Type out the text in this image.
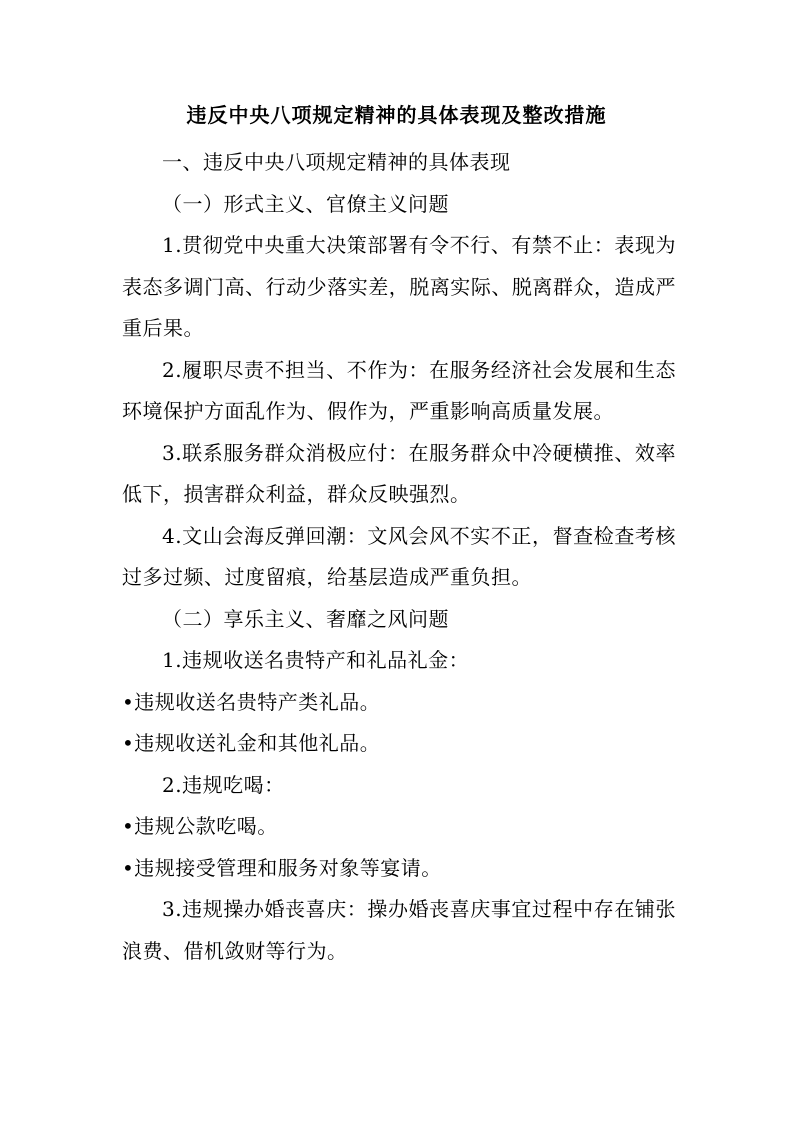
违反中央八项规定精神的具体表现及整改措施

一、违反中央八项规定精神的具体表现

（一）形式主义、官僚主义问题

1.贯彻党中央重大决策部署有令不行、有禁不止：表现为表态多调门高、行动少落实差，脱离实际、脱离群众，造成严重后果。

2.履职尽责不担当、不作为：在服务经济社会发展和生态环境保护方面乱作为、假作为，严重影响高质量发展。

3.联系服务群众消极应付：在服务群众中冷硬横推、效率低下，损害群众利益，群众反映强烈。

4.文山会海反弹回潮：文风会风不实不正，督查检查考核过多过频、过度留痕，给基层造成严重负担。

（二）享乐主义、奢靡之风问题

1.违规收送名贵特产和礼品礼金：

•违规收送名贵特产类礼品。

•违规收送礼金和其他礼品。

2.违规吃喝：

•违规公款吃喝。

•违规接受管理和服务对象等宴请。

3.违规操办婚丧喜庆：操办婚丧喜庆事宜过程中存在铺张浪费、借机敛财等行为。
